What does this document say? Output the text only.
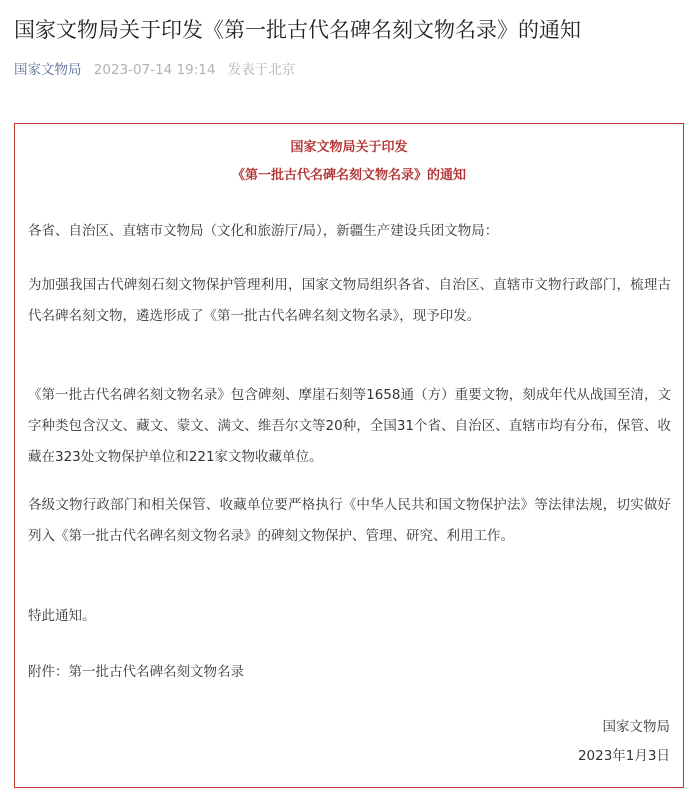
国家文物局关于印发《第一批古代名碑名刻文物名录》的通知
国家文物局 2023-07-14 19:14 发表于北京
国家文物局关于印发
《第一批古代名碑名刻文物名录》的通知

各省、自治区、直辖市文物局（文化和旅游厅/局），新疆生产建设兵团文物局：

为加强我国古代碑刻石刻文物保护管理利用，国家文物局组织各省、自治区、直辖市文物行政部门，梳理古代名碑名刻文物，遴选形成了《第一批古代名碑名刻文物名录》，现予印发。

《第一批古代名碑名刻文物名录》包含碑刻、摩崖石刻等1658通（方）重要文物，刻成年代从战国至清，文字种类包含汉文、藏文、蒙文、满文、维吾尔文等20种，全国31个省、自治区、直辖市均有分布，保管、收藏在323处文物保护单位和221家文物收藏单位。

各级文物行政部门和相关保管、收藏单位要严格执行《中华人民共和国文物保护法》等法律法规，切实做好列入《第一批古代名碑名刻文物名录》的碑刻文物保护、管理、研究、利用工作。

特此通知。

附件：第一批古代名碑名刻文物名录

国家文物局
2023年1月3日
